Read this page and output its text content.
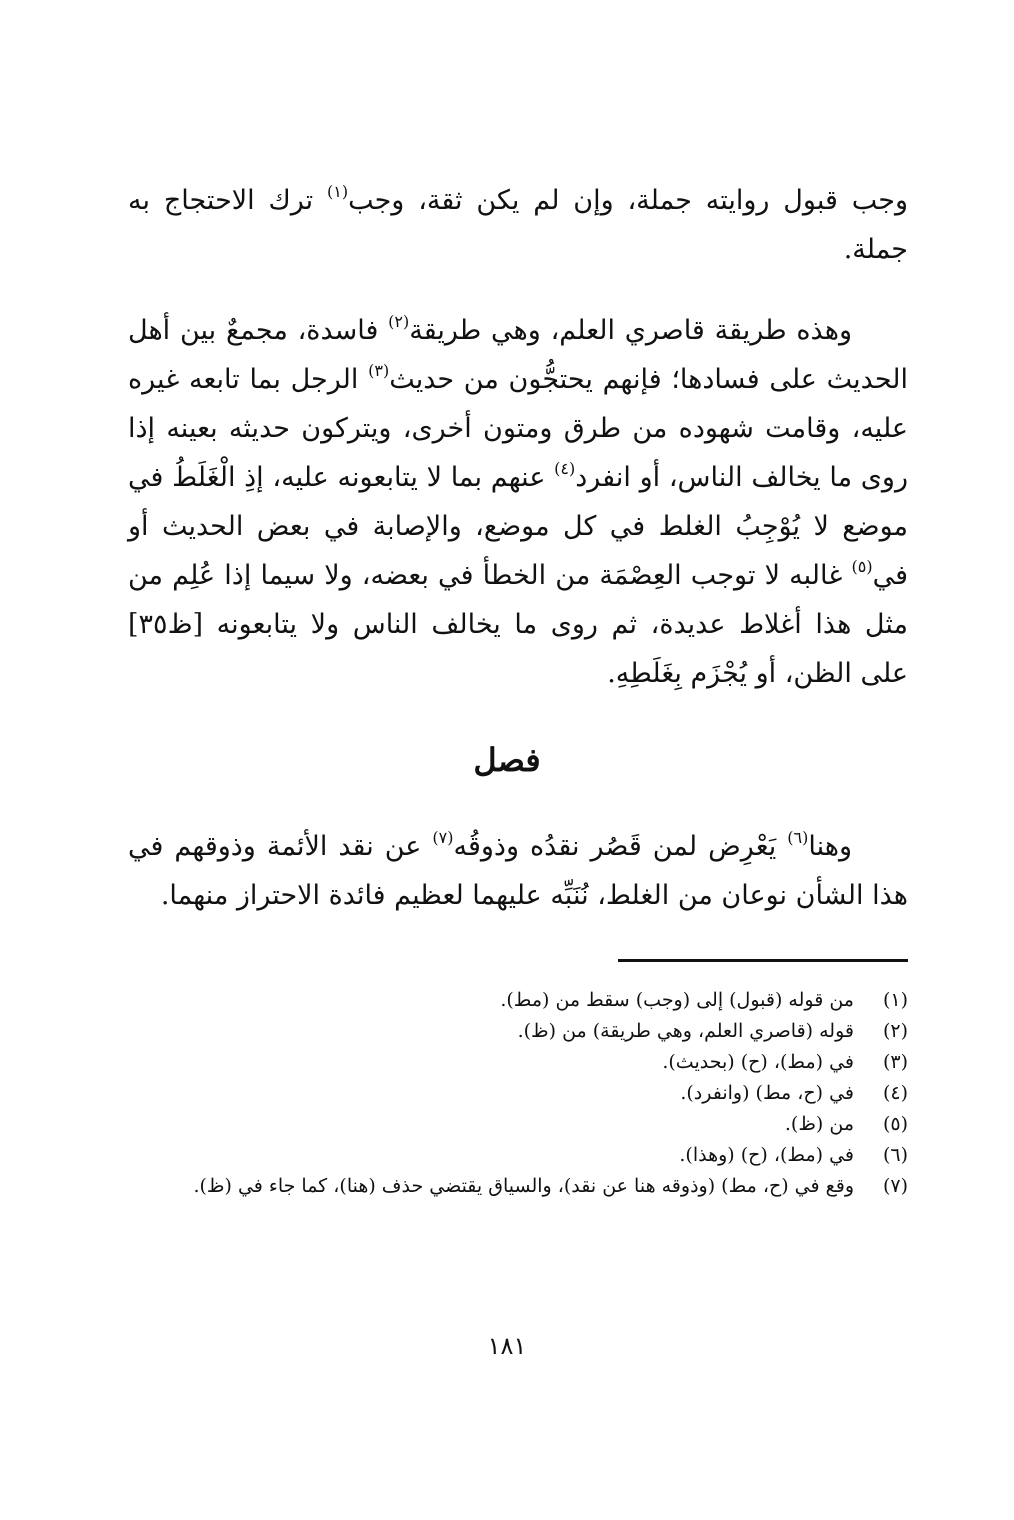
وجب قبول روايته جملة، وإن لم يكن ثقة، وجب$^{(١)}$ ترك الاحتجاج به جملة.

وهذه طريقة قاصري العلم، وهي طريقة$^{(٢)}$ فاسدة، مجمعٌ بين أهل الحديث على فسادها؛ فإنهم يحتجُّون من حديث$^{(٣)}$ الرجل بما تابعه غيره عليه، وقامت شهوده من طرق ومتون أخرى، ويتركون حديثه بعينه إذا روى ما يخالف الناس، أو انفرد$^{(٤)}$ عنهم بما لا يتابعونه عليه، إذِ الْغَلَطُ في موضع لا يُوْجِبُ الغلط في كل موضع، والإصابة في بعض الحديث أو في$^{(٥)}$ غالبه لا توجب العِصْمَة من الخطأ في بعضه، ولا سيما إذا عُلِم من مثل هذا أغلاط عديدة، ثم روى ما يخالف الناس ولا يتابعونه [ظ٣٥] على الظن، أو يُجْزَم بِغَلَطِهِ.

فصل

وهنا$^{(٦)}$ يَعْرِض لمن قَصُر نقدُه وذوقُه$^{(٧)}$ عن نقد الأئمة وذوقهم في هذا الشأن نوعان من الغلط، نُنَبِّه عليهما لعظيم فائدة الاحتراز منهما.

(١)
من قوله (قبول) إلى (وجب) سقط من (مط).
(٢)
قوله (قاصري العلم، وهي طريقة) من (ظ).
(٣)
في (مط)، (ح) (بحديث).
(٤)
في (ح، مط) (وانفرد).
(٥)
من (ظ).
(٦)
في (مط)، (ح) (وهذا).
(٧)
وقع في (ح، مط) (وذوقه هنا عن نقد)، والسياق يقتضي حذف (هنا)، كما جاء في (ظ).
١٨١
